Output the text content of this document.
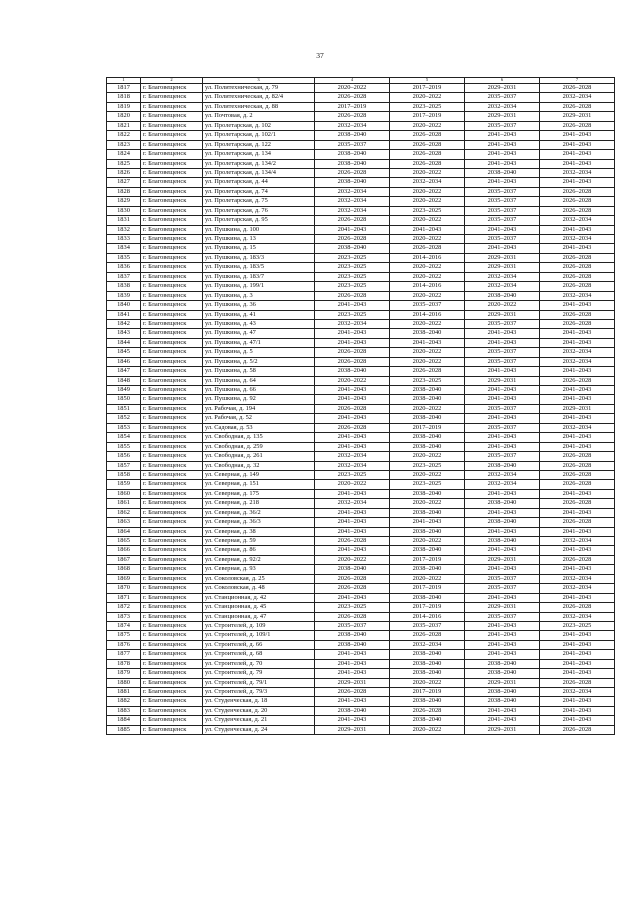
37
1	2	3	4	5	6	7
1817	г. Благовещенск	ул. Политехническая, д. 79	2020–2022	2017–2019	2029–2031	2026–2028
1818	г. Благовещенск	ул. Политехническая, д. 82/4	2026–2028	2020–2022	2035–2037	2032–2034
1819	г. Благовещенск	ул. Политехническая, д. 88	2017–2019	2023–2025	2032–2034	2026–2028
1820	г. Благовещенск	ул. Почтовая, д. 2	2026–2028	2017–2019	2029–2031	2029–2031
1821	г. Благовещенск	ул. Пролетарская, д. 102	2032–2034	2020–2022	2035–2037	2026–2028
1822	г. Благовещенск	ул. Пролетарская, д. 102/1	2038–2040	2026–2028	2041–2043	2041–2043
1823	г. Благовещенск	ул. Пролетарская, д. 122	2035–2037	2026–2028	2041–2043	2041–2043
1824	г. Благовещенск	ул. Пролетарская, д. 134	2038–2040	2026–2028	2041–2043	2041–2043
1825	г. Благовещенск	ул. Пролетарская, д. 134/2	2038–2040	2026–2028	2041–2043	2041–2043
1826	г. Благовещенск	ул. Пролетарская, д. 134/4	2026–2028	2020–2022	2038–2040	2032–2034
1827	г. Благовещенск	ул. Пролетарская, д. 44	2038–2040	2032–2034	2041–2043	2041–2043
1828	г. Благовещенск	ул. Пролетарская, д. 74	2032–2034	2020–2022	2035–2037	2026–2028
1829	г. Благовещенск	ул. Пролетарская, д. 75	2032–2034	2020–2022	2035–2037	2026–2028
1830	г. Благовещенск	ул. Пролетарская, д. 76	2032–2034	2023–2025	2035–2037	2026–2028
1831	г. Благовещенск	ул. Пролетарская, д. 95	2026–2028	2020–2022	2035–2037	2032–2034
1832	г. Благовещенск	ул. Пушкина, д. 100	2041–2043	2041–2043	2041–2043	2041–2043
1833	г. Благовещенск	ул. Пушкина, д. 13	2026–2028	2020–2022	2035–2037	2032–2034
1834	г. Благовещенск	ул. Пушкина, д. 15	2038–2040	2026–2028	2041–2043	2041–2043
1835	г. Благовещенск	ул. Пушкина, д. 183/3	2023–2025	2014–2016	2029–2031	2026–2028
1836	г. Благовещенск	ул. Пушкина, д. 183/5	2023–2025	2020–2022	2029–2031	2026–2028
1837	г. Благовещенск	ул. Пушкина, д. 183/7	2023–2025	2020–2022	2032–2034	2026–2028
1838	г. Благовещенск	ул. Пушкина, д. 199/1	2023–2025	2014–2016	2032–2034	2026–2028
1839	г. Благовещенск	ул. Пушкина, д. 3	2026–2028	2020–2022	2038–2040	2032–2034
1840	г. Благовещенск	ул. Пушкина, д. 36	2041–2043	2035–2037	2020–2022	2041–2043
1841	г. Благовещенск	ул. Пушкина, д. 41	2023–2025	2014–2016	2029–2031	2026–2028
1842	г. Благовещенск	ул. Пушкина, д. 43	2032–2034	2020–2022	2035–2037	2026–2028
1843	г. Благовещенск	ул. Пушкина, д. 47	2041–2043	2038–2040	2041–2043	2041–2043
1844	г. Благовещенск	ул. Пушкина, д. 47/1	2041–2043	2041–2043	2041–2043	2041–2043
1845	г. Благовещенск	ул. Пушкина, д. 5	2026–2028	2020–2022	2035–2037	2032–2034
1846	г. Благовещенск	ул. Пушкина, д. 5/2	2026–2028	2020–2022	2035–2037	2032–2034
1847	г. Благовещенск	ул. Пушкина, д. 58	2038–2040	2026–2028	2041–2043	2041–2043
1848	г. Благовещенск	ул. Пушкина, д. 64	2020–2022	2023–2025	2029–2031	2026–2028
1849	г. Благовещенск	ул. Пушкина, д. 66	2041–2043	2038–2040	2041–2043	2041–2043
1850	г. Благовещенск	ул. Пушкина, д. 92	2041–2043	2038–2040	2041–2043	2041–2043
1851	г. Благовещенск	ул. Рабочая, д. 194	2026–2028	2020–2022	2035–2037	2029–2031
1852	г. Благовещенск	ул. Рабочая, д. 52	2041–2043	2038–2040	2041–2043	2041–2043
1853	г. Благовещенск	ул. Садовая, д. 53	2026–2028	2017–2019	2035–2037	2032–2034
1854	г. Благовещенск	ул. Свободная, д. 135	2041–2043	2038–2040	2041–2043	2041–2043
1855	г. Благовещенск	ул. Свободная, д. 259	2041–2043	2038–2040	2041–2043	2041–2043
1856	г. Благовещенск	ул. Свободная, д. 261	2032–2034	2020–2022	2035–2037	2026–2028
1857	г. Благовещенск	ул. Свободная, д. 32	2032–2034	2023–2025	2038–2040	2026–2028
1858	г. Благовещенск	ул. Северная, д. 149	2023–2025	2020–2022	2032–2034	2026–2028
1859	г. Благовещенск	ул. Северная, д. 151	2020–2022	2023–2025	2032–2034	2026–2028
1860	г. Благовещенск	ул. Северная, д. 175	2041–2043	2038–2040	2041–2043	2041–2043
1861	г. Благовещенск	ул. Северная, д. 218	2032–2034	2020–2022	2038–2040	2026–2028
1862	г. Благовещенск	ул. Северная, д. 36/2	2041–2043	2038–2040	2041–2043	2041–2043
1863	г. Благовещенск	ул. Северная, д. 36/3	2041–2043	2041–2043	2038–2040	2026–2028
1864	г. Благовещенск	ул. Северная, д. 38	2041–2043	2038–2040	2041–2043	2041–2043
1865	г. Благовещенск	ул. Северная, д. 59	2026–2028	2020–2022	2038–2040	2032–2034
1866	г. Благовещенск	ул. Северная, д. 86	2041–2043	2038–2040	2041–2043	2041–2043
1867	г. Благовещенск	ул. Северная, д. 92/2	2020–2022	2017–2019	2029–2031	2026–2028
1868	г. Благовещенск	ул. Северная, д. 93	2038–2040	2038–2040	2041–2043	2041–2043
1869	г. Благовещенск	ул. Соколовская, д. 25	2026–2028	2020–2022	2035–2037	2032–2034
1870	г. Благовещенск	ул. Соколовская, д. 48	2026–2028	2017–2019	2035–2037	2032–2034
1871	г. Благовещенск	ул. Станционная, д. 42	2041–2043	2038–2040	2041–2043	2041–2043
1872	г. Благовещенск	ул. Станционная, д. 45	2023–2025	2017–2019	2029–2031	2026–2028
1873	г. Благовещенск	ул. Станционная, д. 47	2026–2028	2014–2016	2035–2037	2032–2034
1874	г. Благовещенск	ул. Строителей, д. 109	2035–2037	2035–2037	2041–2043	2023–2025
1875	г. Благовещенск	ул. Строителей, д. 109/1	2038–2040	2026–2028	2041–2043	2041–2043
1876	г. Благовещенск	ул. Строителей, д. 66	2038–2040	2032–2034	2041–2043	2041–2043
1877	г. Благовещенск	ул. Строителей, д. 68	2041–2043	2038–2040	2041–2043	2041–2043
1878	г. Благовещенск	ул. Строителей, д. 70	2041–2043	2038–2040	2038–2040	2041–2043
1879	г. Благовещенск	ул. Строителей, д. 79	2041–2043	2038–2040	2038–2040	2041–2043
1880	г. Благовещенск	ул. Строителей, д. 79/1	2029–2031	2020–2022	2029–2031	2026–2028
1881	г. Благовещенск	ул. Строителей, д. 79/3	2026–2028	2017–2019	2038–2040	2032–2034
1882	г. Благовещенск	ул. Студенческая, д. 18	2041–2043	2038–2040	2038–2040	2041–2043
1883	г. Благовещенск	ул. Студенческая, д. 20	2038–2040	2026–2028	2041–2043	2041–2043
1884	г. Благовещенск	ул. Студенческая, д. 21	2041–2043	2038–2040	2041–2043	2041–2043
1885	г. Благовещенск	ул. Студенческая, д. 24	2029–2031	2020–2022	2029–2031	2026–2028
